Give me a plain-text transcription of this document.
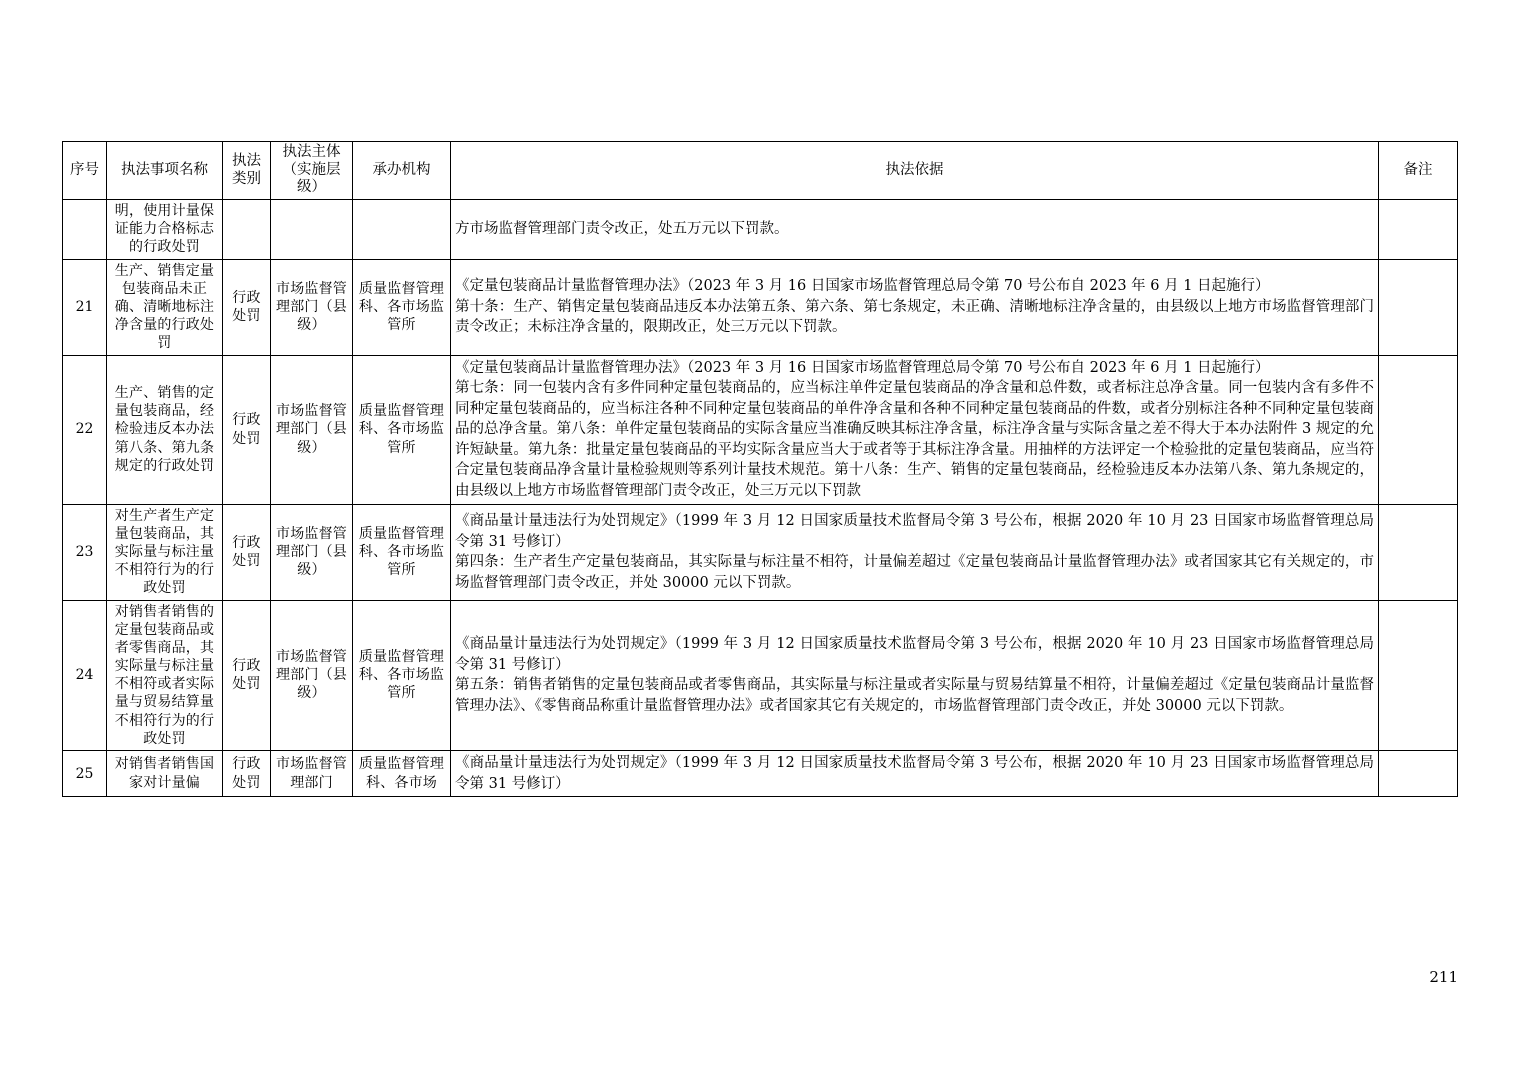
序号	执法事项名称	执法类别	执法主体（实施层级）	承办机构	执法依据	备注
	明，使用计量保证能力合格标志的行政处罚				方市场监督管理部门责令改正，处五万元以下罚款。	

21	生产、销售定量包装商品未正确、清晰地标注净含量的行政处罚	行政处罚	市场监督管理部门（县级）	质量监督管理科、各市场监管所	《定量包装商品计量监督管理办法》（2023 年 3 月 16 日国家市场监督管理总局令第 70 号公布自 2023 年 6 月 1 日起施行）

第十条：生产、销售定量包装商品违反本办法第五条、第六条、第七条规定，未正确、清晰地标注净含量的，由县级以上地方市场监督管理部门责令改正；未标注净含量的，限期改正，处三万元以下罚款。	

22	生产、销售的定量包装商品，经检验违反本办法第八条、第九条规定的行政处罚	行政处罚	市场监督管理部门（县级）	质量监督管理科、各市场监管所	《定量包装商品计量监督管理办法》（2023 年 3 月 16 日国家市场监督管理总局令第 70 号公布自 2023 年 6 月 1 日起施行）

第七条：同一包装内含有多件同种定量包装商品的，应当标注单件定量包装商品的净含量和总件数，或者标注总净含量。同一包装内含有多件不同种定量包装商品的，应当标注各种不同种定量包装商品的单件净含量和各种不同种定量包装商品的件数，或者分别标注各种不同种定量包装商品的总净含量。第八条：单件定量包装商品的实际含量应当准确反映其标注净含量，标注净含量与实际含量之差不得大于本办法附件 3 规定的允许短缺量。第九条：批量定量包装商品的平均实际含量应当大于或者等于其标注净含量。用抽样的方法评定一个检验批的定量包装商品，应当符合定量包装商品净含量计量检验规则等系列计量技术规范。第十八条：生产、销售的定量包装商品，经检验违反本办法第八条、第九条规定的，由县级以上地方市场监督管理部门责令改正，处三万元以下罚款	

23	对生产者生产定量包装商品，其实际量与标注量不相符行为的行政处罚	行政处罚	市场监督管理部门（县级）	质量监督管理科、各市场监管所	《商品量计量违法行为处罚规定》（1999 年 3 月 12 日国家质量技术监督局令第 3 号公布，根据 2020 年 10 月 23 日国家市场监督管理总局令第 31 号修订）

第四条：生产者生产定量包装商品，其实际量与标注量不相符，计量偏差超过《定量包装商品计量监督管理办法》或者国家其它有关规定的，市场监督管理部门责令改正，并处 30000 元以下罚款。	

24	对销售者销售的定量包装商品或者零售商品，其实际量与标注量不相符或者实际量与贸易结算量不相符行为的行政处罚	行政处罚	市场监督管理部门（县级）	质量监督管理科、各市场监管所	《商品量计量违法行为处罚规定》（1999 年 3 月 12 日国家质量技术监督局令第 3 号公布，根据 2020 年 10 月 23 日国家市场监督管理总局令第 31 号修订）

第五条：销售者销售的定量包装商品或者零售商品，其实际量与标注量或者实际量与贸易结算量不相符，计量偏差超过《定量包装商品计量监督管理办法》、《零售商品称重计量监督管理办法》或者国家其它有关规定的，市场监督管理部门责令改正，并处 30000 元以下罚款。	

25	对销售者销售国家对计量偏	行政处罚	市场监督管理部门	质量监督管理科、各市场	《商品量计量违法行为处罚规定》（1999 年 3 月 12 日国家质量技术监督局令第 3 号公布，根据 2020 年 10 月 23 日国家市场监督管理总局令第 31 号修订）	

211
